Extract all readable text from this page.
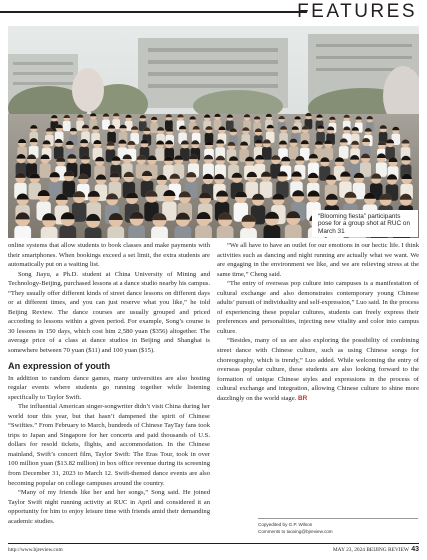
FEATURES
“Blooming fiesta” participants pose for a group shot at RUC on March 31

online systems that allow students to book classes and make payments with their smartphones. When bookings exceed a set limit, the extra students are automatically put on a waiting list.

Song Jiayu, a Ph.D. student at China University of Mining and Technology-Beijing, purchased lessons at a dance studio nearby his campus. “They usually offer different kinds of street dance lessons on different days or at different times, and you can just reserve what you like,” he told Beijing Review. The dance courses are usually grouped and priced according to lessons within a given period. For example, Song’s course is 30 lessons in 150 days, which cost him 2,580 yuan ($356) altogether. The average price of a class at dance studios in Beijing and Shanghai is somewhere between 70 yuan ($11) and 100 yuan ($15).

An expression of youth

In addition to random dance games, many universities are also hosting regular events where students go running together while listening specifically to Taylor Swift.

The influential American singer-songwriter didn’t visit China during her world tour this year, but that hasn’t dampened the spirit of Chinese “Swifties.” From February to March, hundreds of Chinese TayTay fans took trips to Japan and Singapore for her concerts and paid thousands of U.S. dollars for resold tickets, flights, and accommodation. In the Chinese mainland, Swift’s concert film, Taylor Swift: The Eras Tour, took in over 100 million yuan ($13.82 million) in box office revenue during its screening from December 31, 2023 to March 12. Swift-themed dance events are also becoming popular on college campuses around the country.

“Many of my friends like her and her songs,” Song said. He joined Taylor Swift night running activity at RUC in April and considered it an opportunity for him to enjoy leisure time with friends amid their demanding academic studies.

“We all have to have an outlet for our emotions in our hectic life. I think activities such as dancing and night running are actually what we want. We are engaging in the environment we like, and we are relieving stress at the same time,” Cheng said.

“The entry of overseas pop culture into campuses is a manifestation of cultural exchange and also demonstrates contemporary young Chinese adults’ pursuit of individuality and self-expression,” Luo said. In the process of experiencing these popular cultures, students can freely express their preferences and personalities, injecting new vitality and color into campus culture.

“Besides, many of us are also exploring the possibility of combining street dance with Chinese culture, such as using Chinese songs for choreography, which is trendy,” Luo added. While welcoming the entry of overseas popular culture, these students are also looking forward to the formation of unique Chinese styles and expressions in the process of cultural exchange and integration, allowing Chinese culture to shine more dazzlingly on the world stage. BR

Copyedited by G.P. Wilson
Comments to taoxing@bjreview.com
http://www.bjreview.com	MAY 23, 2024 BEIJING REVIEW 43
